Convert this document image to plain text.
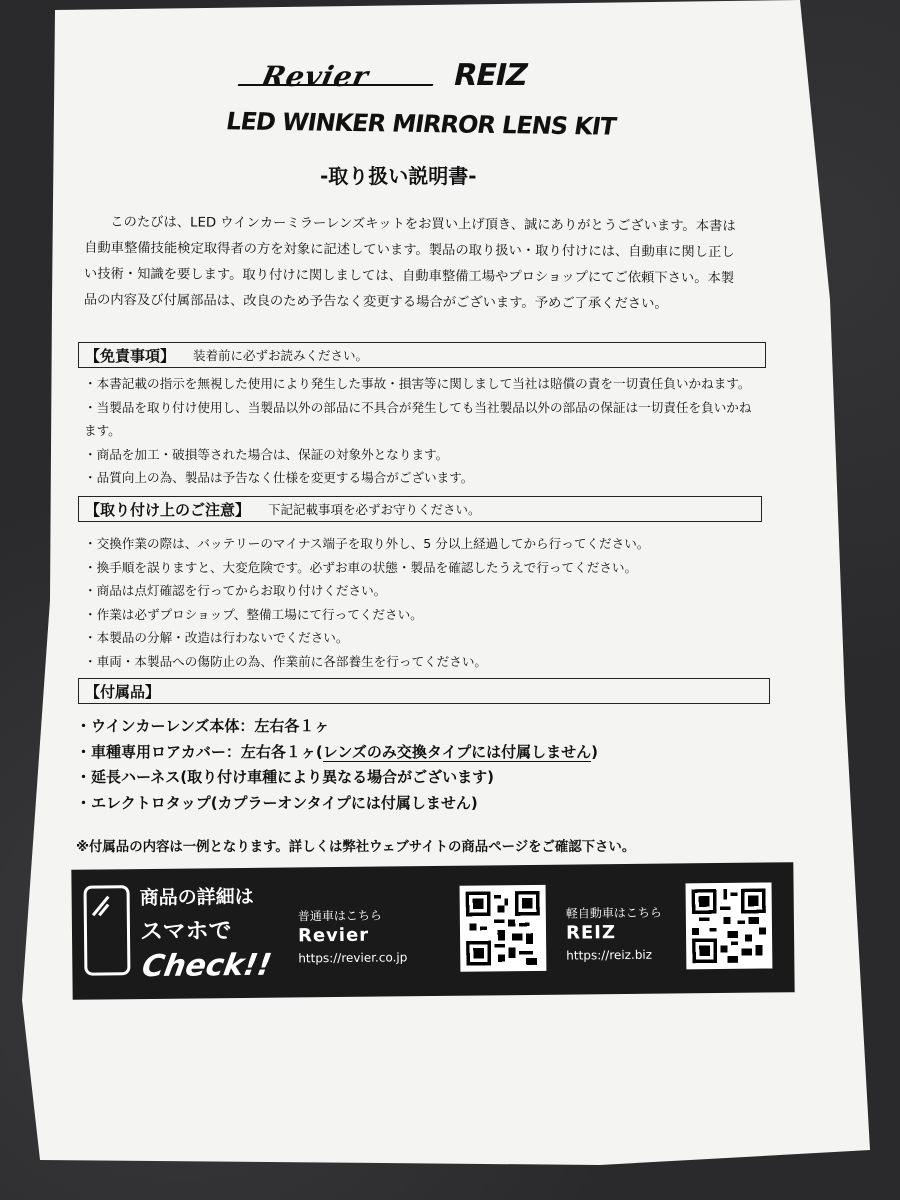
Revier	REIZ
LED WINKER MIRROR LENS KIT
-取り扱い説明書-
このたびは、LED ウインカーミラーレンズキットをお買い上げ頂き、誠にありがとうございます。本書は自動車整備技能検定取得者の方を対象に記述しています。製品の取り扱い・取り付けには、自動車に関し正しい技術・知識を要します。取り付けに関しましては、自動車整備工場やプロショップにてご依頼下さい。本製品の内容及び付属部品は、改良のため予告なく変更する場合がございます。予めご了承ください。
【免責事項】 装着前に必ずお読みください。
・本書記載の指示を無視した使用により発生した事故・損害等に関しまして当社は賠償の責を一切責任負いかねます。
・当製品を取り付け使用し、当製品以外の部品に不具合が発生しても当社製品以外の部品の保証は一切責任を負いかねます。
・商品を加工・破損等された場合は、保証の対象外となります。
・品質向上の為、製品は予告なく仕様を変更する場合がございます。
【取り付け上のご注意】 下記記載事項を必ずお守りください。
・交換作業の際は、バッテリーのマイナス端子を取り外し、5 分以上経過してから行ってください。
・換手順を誤りますと、大変危険です。必ずお車の状態・製品を確認したうえで行ってください。
・商品は点灯確認を行ってからお取り付けください。
・作業は必ずプロショップ、整備工場にて行ってください。
・本製品の分解・改造は行わないでください。
・車両・本製品への傷防止の為、作業前に各部養生を行ってください。
【付属品】
・ウインカーレンズ本体：左右各１ヶ
・車種専用ロアカバー：左右各１ヶ(レンズのみ交換タイプには付属しません)
・延長ハーネス(取り付け車種により異なる場合がございます)
・エレクトロタップ(カプラーオンタイプには付属しません)
※付属品の内容は一例となります。詳しくは弊社ウェブサイトの商品ページをご確認下さい。
商品の詳細は
スマホで
Check!!
普通車はこちら
Revier
https://revier.co.jp
軽自動車はこちら
REIZ
https://reiz.biz
